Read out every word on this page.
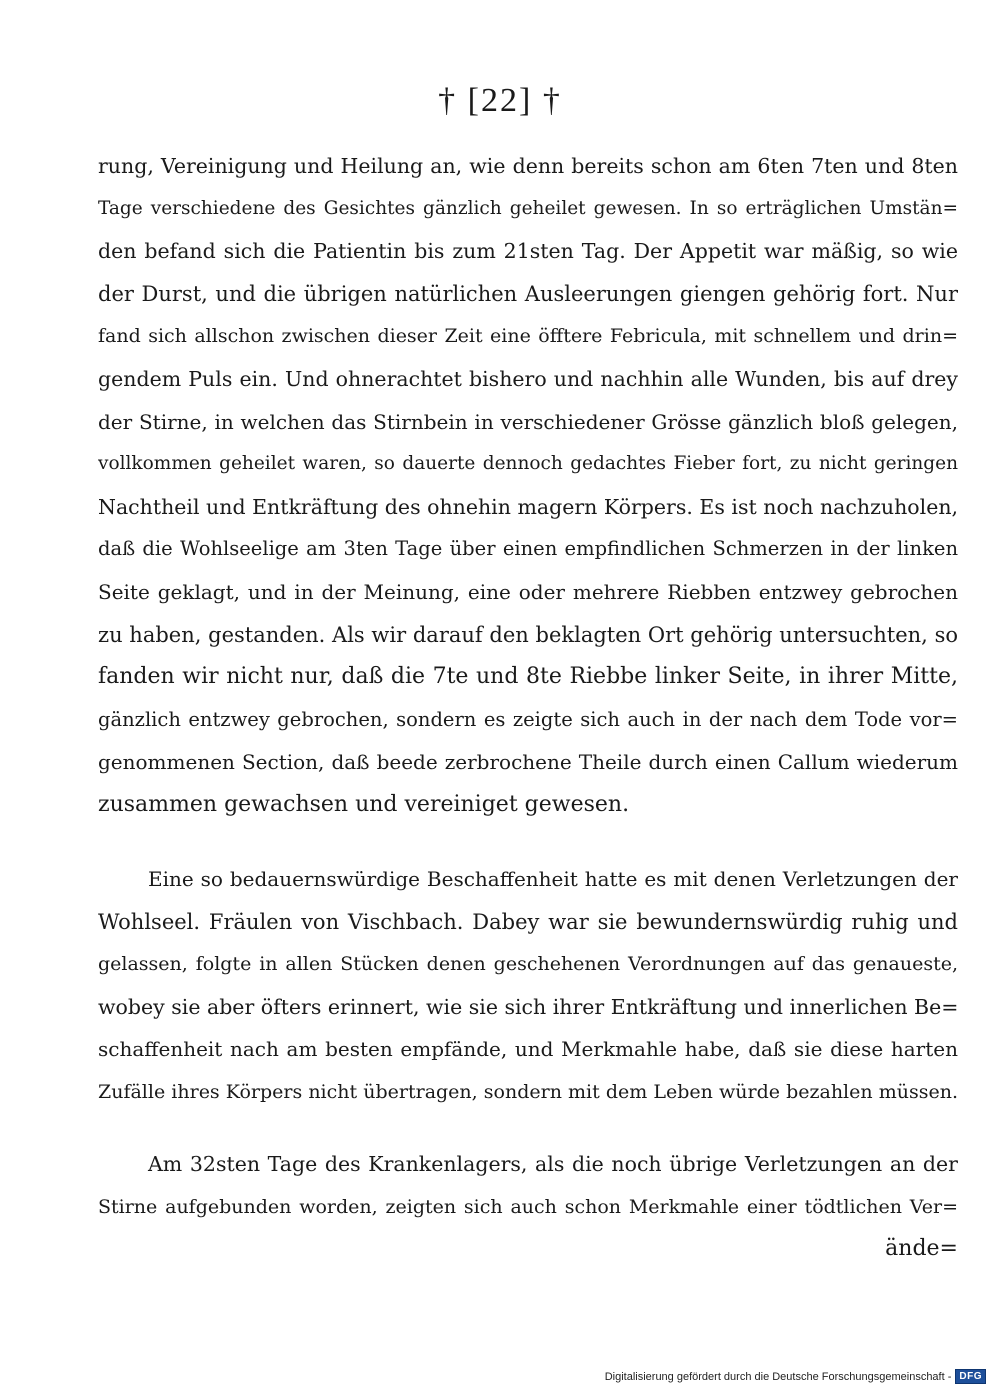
† [22] †
rung, Vereinigung und Heilung an, wie denn bereits schon am 6ten 7ten und 8ten
Tage verschiedene des Gesichtes gänzlich geheilet gewesen. In so erträglichen Umstän=
den befand sich die Patientin bis zum 21sten Tag. Der Appetit war mäßig, so wie
der Durst, und die übrigen natürlichen Ausleerungen giengen gehörig fort. Nur
fand sich allschon zwischen dieser Zeit eine öfftere Febricula, mit schnellem und drin=
gendem Puls ein. Und ohnerachtet bishero und nachhin alle Wunden, bis auf drey
der Stirne, in welchen das Stirnbein in verschiedener Grösse gänzlich bloß gelegen,
vollkommen geheilet waren, so dauerte dennoch gedachtes Fieber fort, zu nicht geringen
Nachtheil und Entkräftung des ohnehin magern Körpers. Es ist noch nachzuholen,
daß die Wohlseelige am 3ten Tage über einen empfindlichen Schmerzen in der linken
Seite geklagt, und in der Meinung, eine oder mehrere Riebben entzwey gebrochen
zu haben, gestanden. Als wir darauf den beklagten Ort gehörig untersuchten, so
fanden wir nicht nur, daß die 7te und 8te Riebbe linker Seite, in ihrer Mitte,
gänzlich entzwey gebrochen, sondern es zeigte sich auch in der nach dem Tode vor=
genommenen Section, daß beede zerbrochene Theile durch einen Callum wiederum
zusammen gewachsen und vereiniget gewesen.
Eine so bedauernswürdige Beschaffenheit hatte es mit denen Verletzungen der
Wohlseel. Fräulen von Vischbach. Dabey war sie bewundernswürdig ruhig und
gelassen, folgte in allen Stücken denen geschehenen Verordnungen auf das genaueste,
wobey sie aber öfters erinnert, wie sie sich ihrer Entkräftung und innerlichen Be=
schaffenheit nach am besten empfände, und Merkmahle habe, daß sie diese harten
Zufälle ihres Körpers nicht übertragen, sondern mit dem Leben würde bezahlen müssen.
Am 32sten Tage des Krankenlagers, als die noch übrige Verletzungen an der
Stirne aufgebunden worden, zeigten sich auch schon Merkmahle einer tödtlichen Ver=
ände=
Digitalisierung gefördert durch die Deutsche Forschungsgemeinschaft - DFG
